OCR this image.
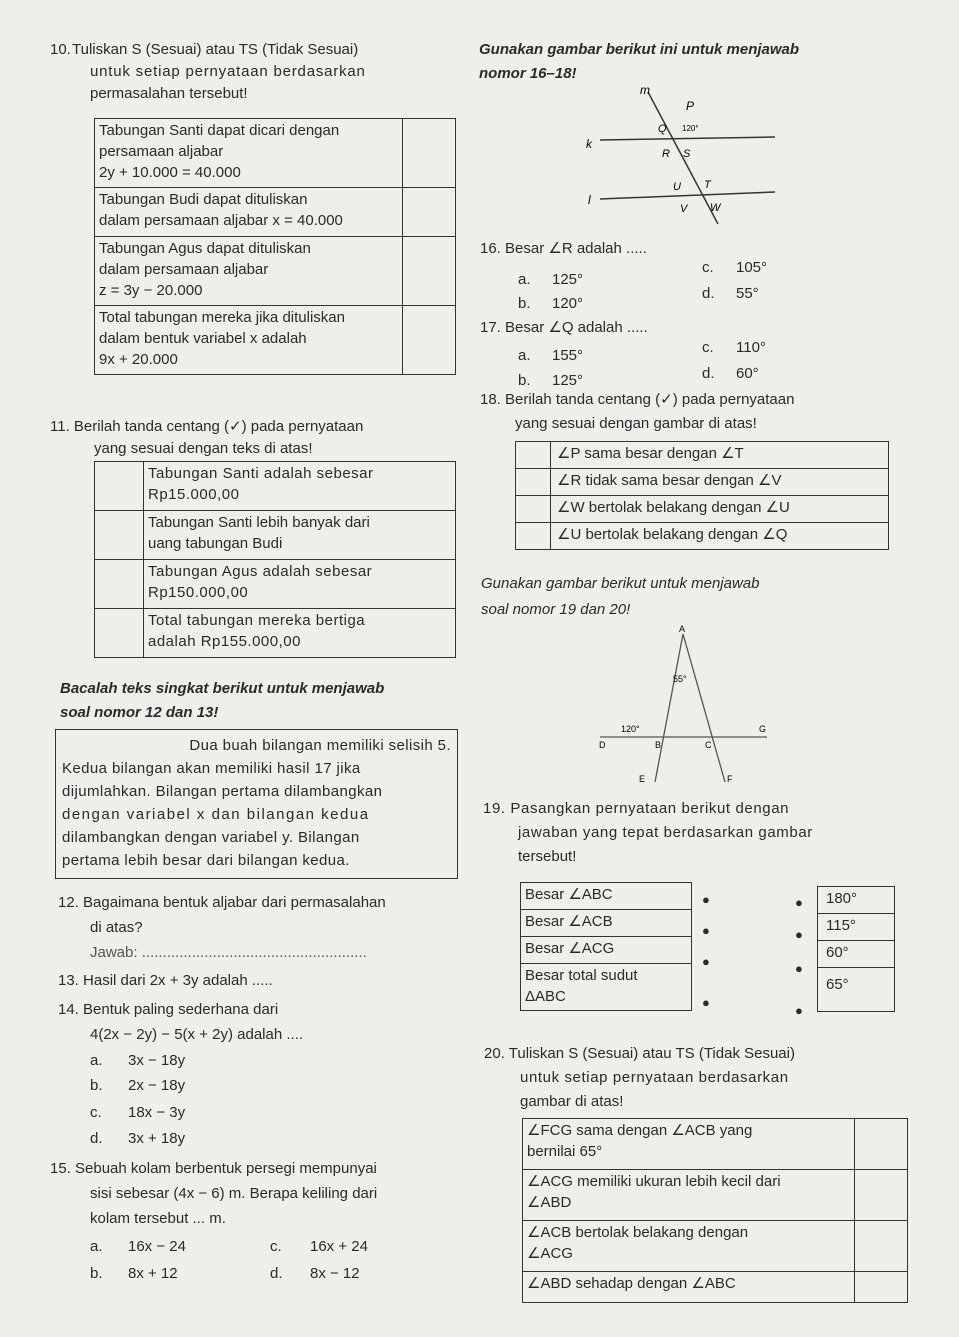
10. Tuliskan S (Sesuai) atau TS (Tidak Sesuai)
untuk setiap pernyataan berdasarkan
permasalahan tersebut!
Tabungan Santi dapat dicari dengan
persamaan aljabar
2y + 10.000 = 40.000	

Tabungan Budi dapat dituliskan
dalam persamaan aljabar x = 40.000	

Tabungan Agus dapat dituliskan
dalam persamaan aljabar
z = 3y − 20.000	

Total tabungan mereka jika dituliskan
dalam bentuk variabel x adalah
9x + 20.000	

11. Berilah tanda centang (✓) pada pernyataan
yang sesuai dengan teks di atas!

	Tabungan Santi adalah sebesar
Rp15.000,00

	Tabungan Santi lebih banyak dari
uang tabungan Budi

	Tabungan Agus adalah sebesar
Rp150.000,00

	Total tabungan mereka bertiga
adalah Rp155.000,00
Bacalah teks singkat berikut untuk menjawab
soal nomor 12 dan 13!
Dua buah bilangan memiliki selisih 5.
Kedua bilangan akan memiliki hasil 17 jika
dijumlahkan. Bilangan pertama dilambangkan
dengan variabel x dan bilangan kedua
dilambangkan dengan variabel y. Bilangan
pertama lebih besar dari bilangan kedua.
12. Bagaimana bentuk aljabar dari permasalahan
di atas?
Jawab: ......................................................
13. Hasil dari 2x + 3y adalah .....
14. Bentuk paling sederhana dari
4(2x − 2y) − 5(x + 2y) adalah ....
a. 3x − 18y
b. 2x − 18y
c. 18x − 3y
d. 3x + 18y
15. Sebuah kolam berbentuk persegi mempunyai
sisi sebesar (4x − 6) m. Berapa keliling dari
kolam tersebut ... m.
a. 16x − 24
b. 8x + 12
c. 16x + 24
d. 8x − 12
Gunakan gambar berikut ini untuk menjawab
nomor 16–18!
m
k
l
P
Q 120°
R S
U T
V W
16. Besar ∠R adalah .....
a. 125°
b. 120°
c. 105°
d. 55°
17. Besar ∠Q adalah .....
a. 155°
b. 125°
c. 110°
d. 60°
18. Berilah tanda centang (✓) pada pernyataan
yang sesuai dengan gambar di atas!
	∠P sama besar dengan ∠T
	∠R tidak sama besar dengan ∠V
	∠W bertolak belakang dengan ∠U
	∠U bertolak belakang dengan ∠Q
Gunakan gambar berikut untuk menjawab
soal nomor 19 dan 20!
A
55°
120°
D	B	C
G
E	F
19. Pasangkan pernyataan berikut dengan
jawaban yang tepat berdasarkan gambar
tersebut!
Besar ∠ABC
Besar ∠ACB
Besar ∠ACG

Besar total sudut
ΔABC
●
●
●
●
●
●
●
●
180°
115°
60°
65°
20. Tuliskan S (Sesuai) atau TS (Tidak Sesuai)
untuk setiap pernyataan berdasarkan
gambar di atas!
∠FCG sama dengan ∠ACB yang
bernilai 65°	

∠ACG memiliki ukuran lebih kecil dari
∠ABD	

∠ACB bertolak belakang dengan
∠ACG	

∠ABD sehadap dengan ∠ABC	
